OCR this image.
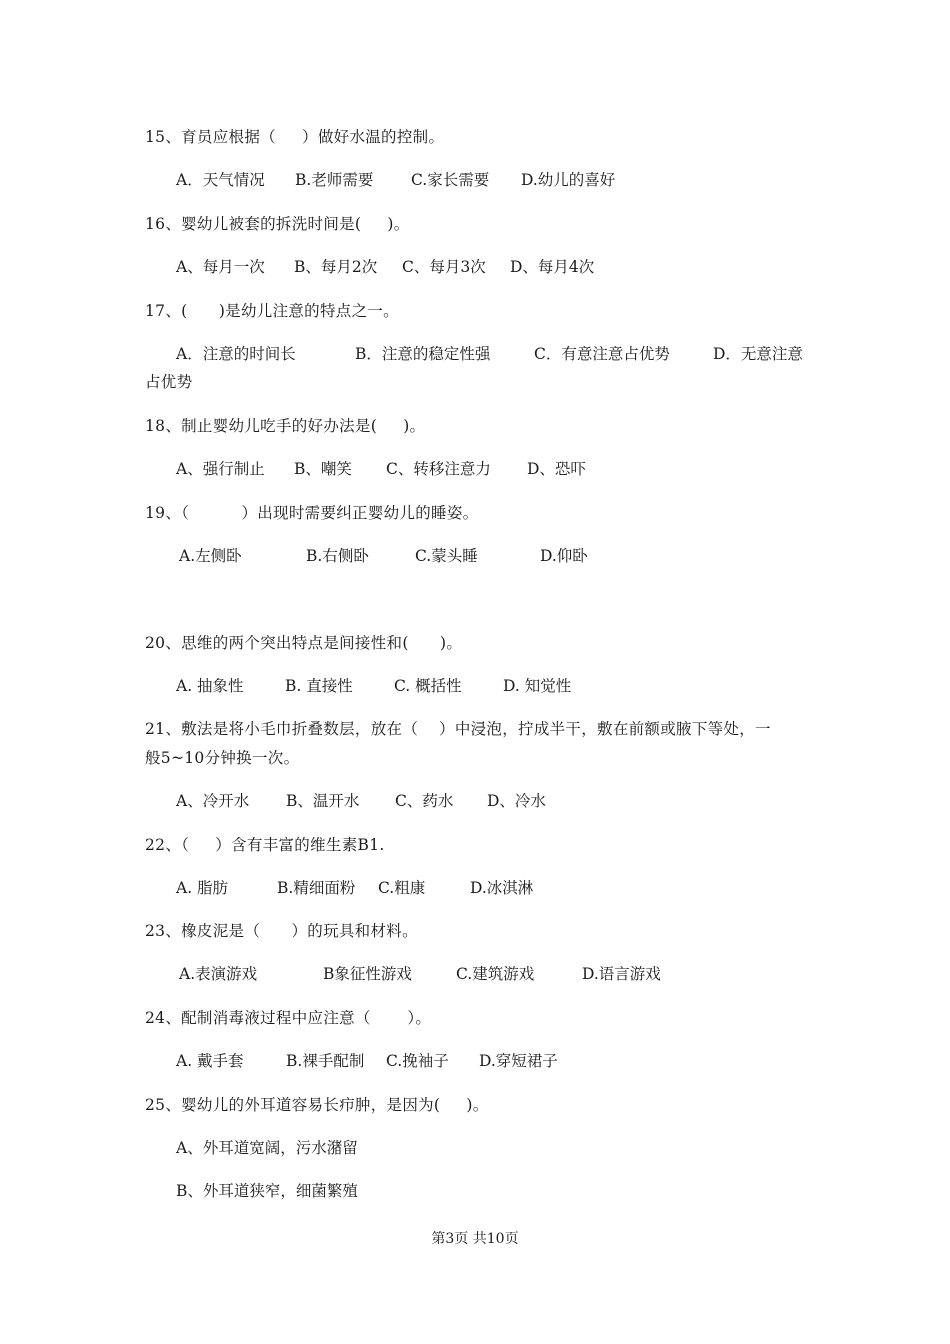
15、育员应根据（     ）做好水温的控制。
A．天气情况 B.老师需要 C.家长需要 D.幼儿的喜好
16、婴幼儿被套的拆洗时间是(     )。
A、每月一次 B、每月2次 C、每月3次 D、每月4次
17、(      )是幼儿注意的特点之一。
A．注意的时间长	B．注意的稳定性强	C．有意注意占优势	D．无意注意
占优势
18、制止婴幼儿吃手的好办法是(     )。
A、强行制止 B、嘲笑 C、转移注意力 D、恐吓
19、（          ）出现时需要纠正婴幼儿的睡姿。
A.左侧卧	B.右侧卧	C.蒙头睡	D.仰卧
20、思维的两个突出特点是间接性和(      )。
A. 抽象性	B. 直接性	C. 概括性	D. 知觉性
21、敷法是将小毛巾折叠数层，放在（    ）中浸泡，拧成半干，敷在前额或腋下等处，一
般5~10分钟换一次。
A、冷开水 B、温开水 C、药水 D、冷水
22、（     ）含有丰富的维生素B1.
A. 脂肪	B.精细面粉 C.粗康	D.冰淇淋
23、橡皮泥是（      ）的玩具和材料。
A.表演游戏	B象征性游戏	C.建筑游戏	D.语言游戏
24、配制消毒液过程中应注意（       ）。
A. 戴手套	B.裸手配制 C.挽袖子 D.穿短裙子
25、婴幼儿的外耳道容易长疖肿，是因为(     )。
A、外耳道宽阔，污水潴留
B、外耳道狭窄，细菌繁殖
第3页 共10页
